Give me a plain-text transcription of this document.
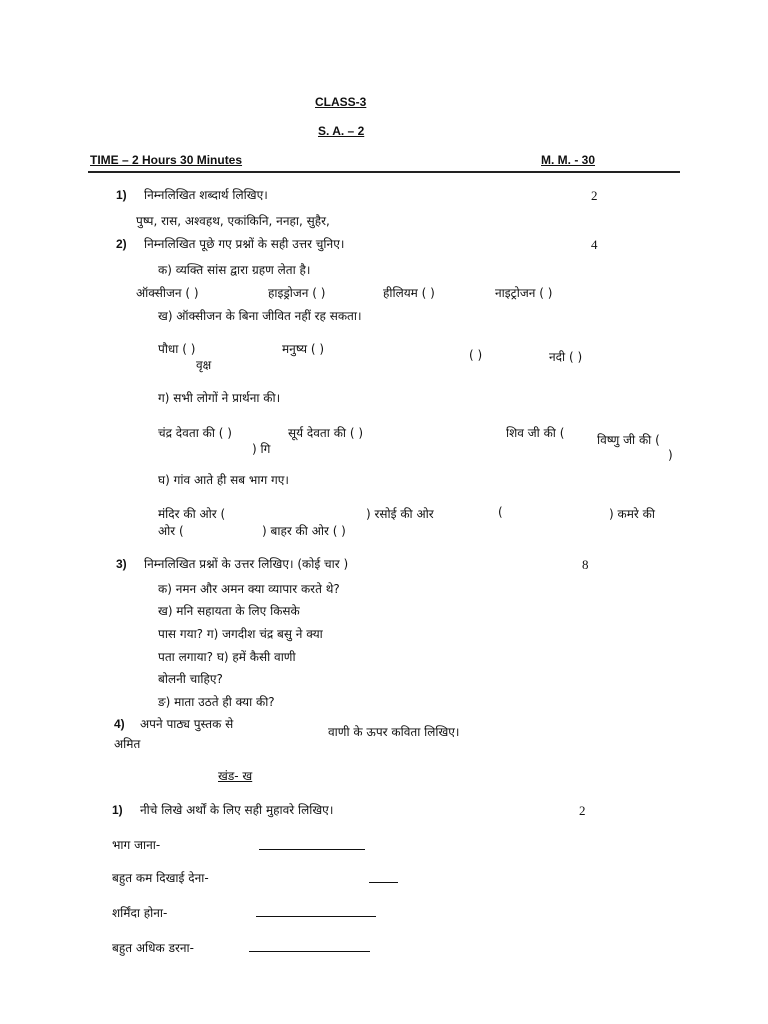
CLASS-3
S. A. – 2
TIME – 2 Hours 30 Minutes	M. M. - 30
1) निम्नलिखित शब्दार्थ लिखिए।	2
पुष्प, रास, अश्वहथ, एकांकिनि, ननहा, सुहैर,
2) निम्नलिखित पूछे गए प्रश्नों के सही उत्तर चुनिए।	4
क) व्यक्ति सांस द्वारा ग्रहण लेता है।
ऑक्सीजन ( )	हाइड्रोजन ( )	हीलियम ( )	नाइट्रोजन ( )
ख) ऑक्सीजन के बिना जीवित नहीं रह सकता।
पौधा ( )	मनुष्य ( )
वृक्ष
( )	नदी ( )
ग) सभी लोगों ने प्रार्थना की।
चंद्र देवता की ( )
) गि
सूर्य देवता की ( )	शिव जी की (	विष्णु जी की (
)
घ) गांव आते ही सब भाग गए।
मंदिर की ओर (	) रसोई की ओर	(	) कमरे की
ओर (	) बाहर की ओर ( )
3) निम्नलिखित प्रश्नों के उत्तर लिखिए। (कोई चार )	8
क) नमन और अमन क्या व्यापार करते थे?
ख) मनि सहायता के लिए किसके
पास गया? ग) जगदीश चंद्र बसु ने क्या
पता लगाया? घ) हमें कैसी वाणी
बोलनी चाहिए?
ङ) माता उठते ही क्या की?
4) अपने पाठ्य पुस्तक से
वाणी के ऊपर कविता लिखिए।
अमित
खंड- ख
1) नीचे लिखे अर्थों के लिए सही मुहावरे लिखिए।	2
भाग जाना-
बहुत कम दिखाई देना-
शर्मिंदा होना-
बहुत अधिक डरना-
